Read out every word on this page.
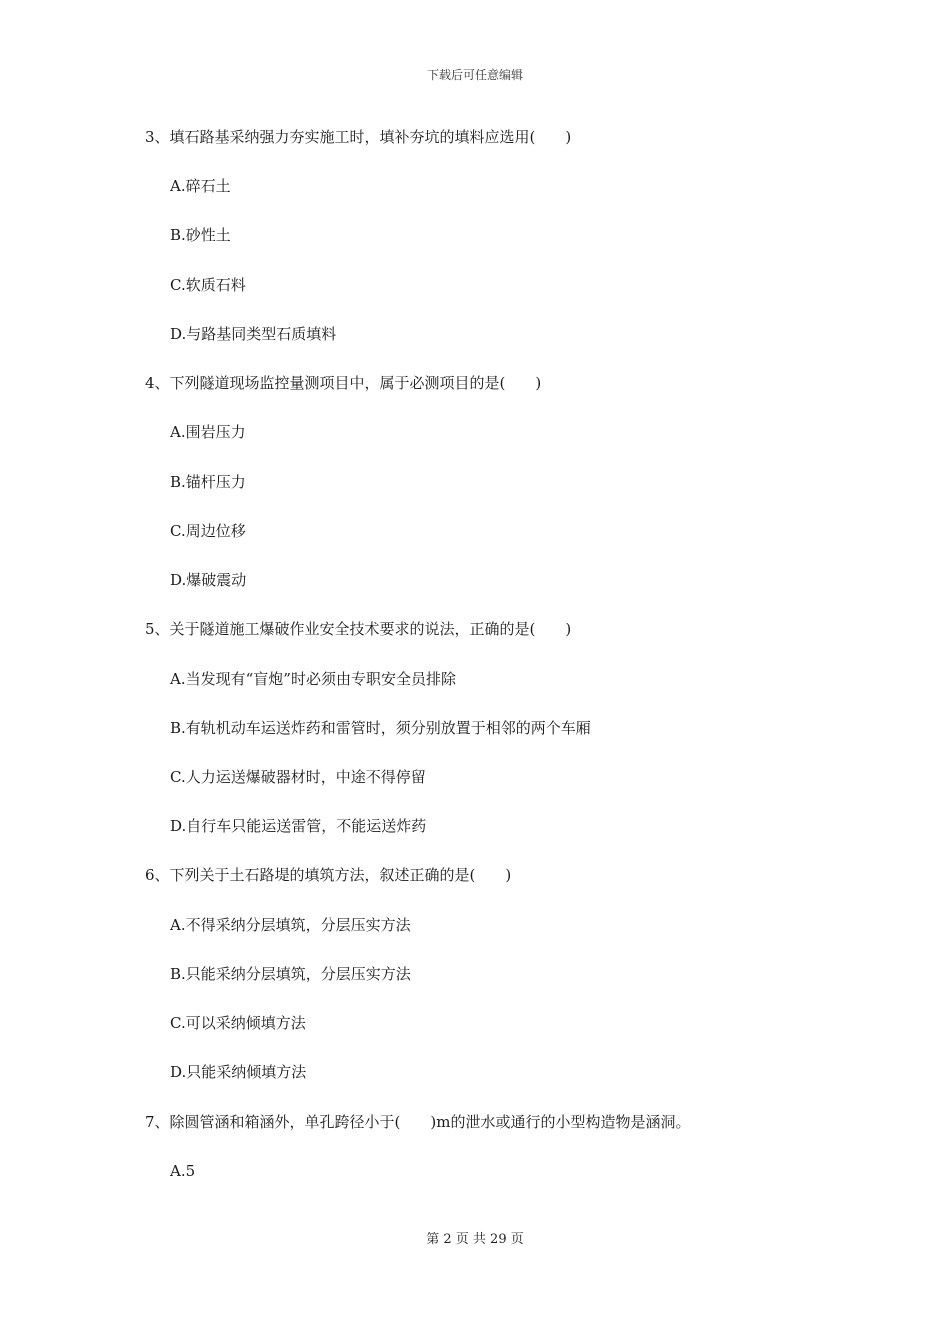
下载后可任意编辑
3、填石路基采纳强力夯实施工时，填补夯坑的填料应选用(　　)
A.碎石土
B.砂性土
C.软质石料
D.与路基同类型石质填料
4、下列隧道现场监控量测项目中，属于必测项目的是(　　)
A.围岩压力
B.锚杆压力
C.周边位移
D.爆破震动
5、关于隧道施工爆破作业安全技术要求的说法，正确的是(　　)
A.当发现有“盲炮”时必须由专职安全员排除
B.有轨机动车运送炸药和雷管时，须分别放置于相邻的两个车厢
C.人力运送爆破器材时，中途不得停留
D.自行车只能运送雷管，不能运送炸药
6、下列关于土石路堤的填筑方法，叙述正确的是(　　)
A.不得采纳分层填筑，分层压实方法
B.只能采纳分层填筑，分层压实方法
C.可以采纳倾填方法
D.只能采纳倾填方法
7、除圆管涵和箱涵外，单孔跨径小于(　　)m的泄水或通行的小型构造物是涵洞。
A.5
第 2 页 共 29 页
